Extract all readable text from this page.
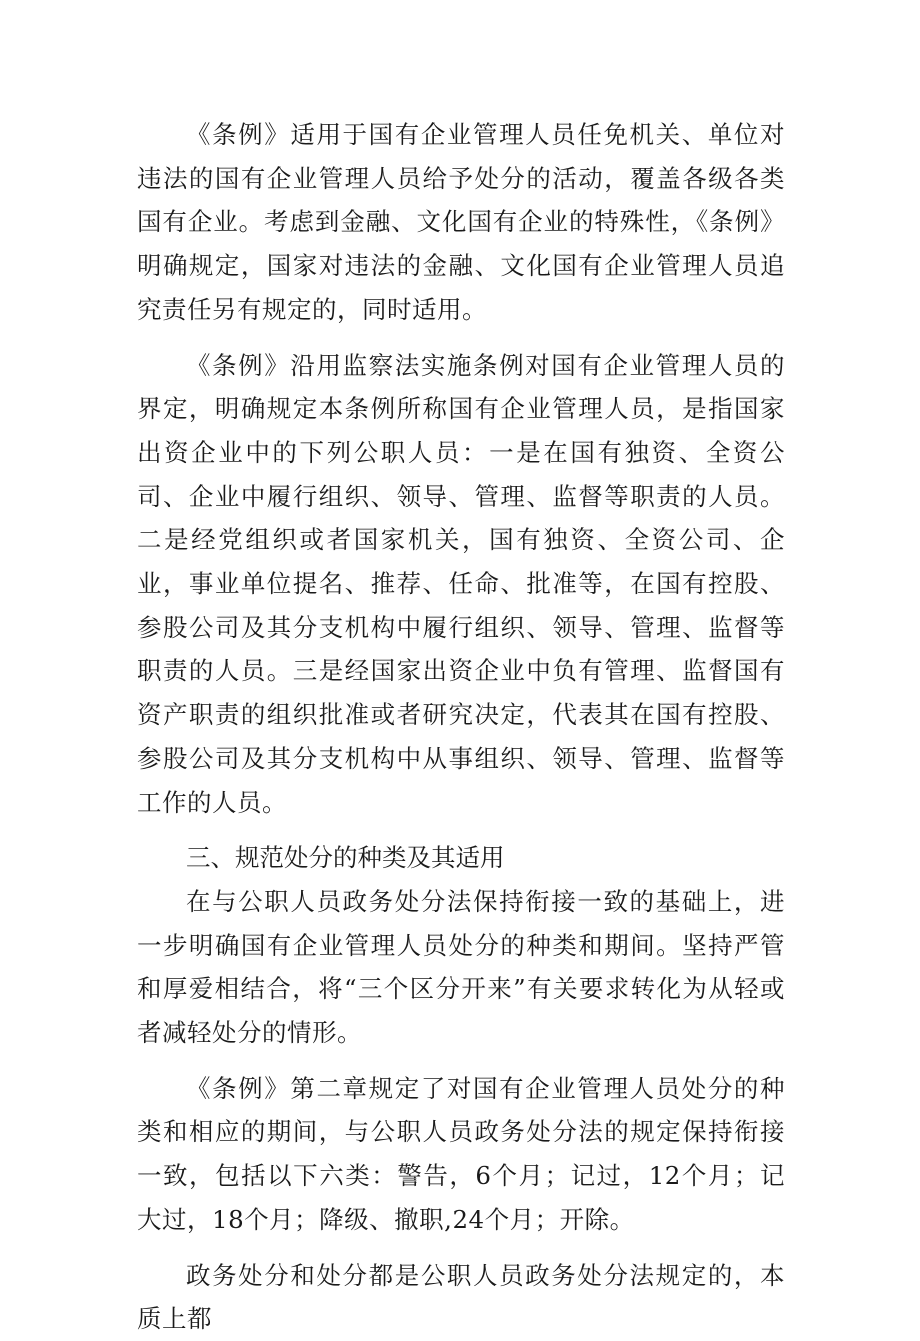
《条例》适用于国有企业管理人员任免机关、单位对违法的国有企业管理人员给予处分的活动，覆盖各级各类国有企业。考虑到金融、文化国有企业的特殊性，《条例》明确规定，国家对违法的金融、文化国有企业管理人员追究责任另有规定的，同时适用。

《条例》沿用监察法实施条例对国有企业管理人员的界定，明确规定本条例所称国有企业管理人员，是指国家出资企业中的下列公职人员：一是在国有独资、全资公司、企业中履行组织、领导、管理、监督等职责的人员。二是经党组织或者国家机关，国有独资、全资公司、企业，事业单位提名、推荐、任命、批准等，在国有控股、参股公司及其分支机构中履行组织、领导、管理、监督等职责的人员。三是经国家出资企业中负有管理、监督国有资产职责的组织批准或者研究决定，代表其在国有控股、参股公司及其分支机构中从事组织、领导、管理、监督等工作的人员。

三、规范处分的种类及其适用

在与公职人员政务处分法保持衔接一致的基础上，进一步明确国有企业管理人员处分的种类和期间。坚持严管和厚爱相结合，将“三个区分开来”有关要求转化为从轻或者减轻处分的情形。

《条例》第二章规定了对国有企业管理人员处分的种类和相应的期间，与公职人员政务处分法的规定保持衔接一致，包括以下六类：警告，6个月；记过，12个月；记大过，18个月；降级、撤职,24个月；开除。

政务处分和处分都是公职人员政务处分法规定的，本质上都
